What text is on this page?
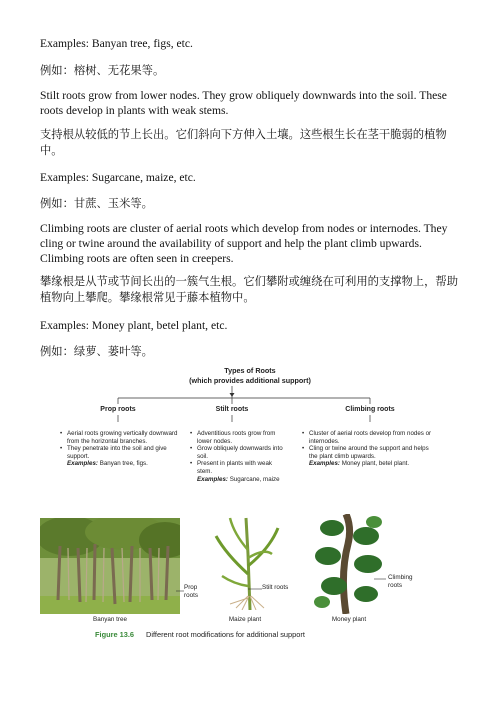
Examples: Banyan tree, figs, etc.

例如：榕树、无花果等。

Stilt roots grow from lower nodes. They grow obliquely downwards into the soil. These roots develop in plants with weak stems.

支持根从较低的节上长出。它们斜向下方伸入土壤。这些根生长在茎干脆弱的植物中。

Examples: Sugarcane, maize, etc.

例如：甘蔗、玉米等。

Climbing roots are cluster of aerial roots which develop from nodes or internodes. They cling or twine around the availability of support and help the plant climb upwards. Climbing roots are often seen in creepers.

攀缘根是从节或节间长出的一簇气生根。它们攀附或缠绕在可利用的支撑物上，帮助植物向上攀爬。攀缘根常见于藤本植物中。

Examples: Money plant, betel plant, etc.

例如：绿萝、蒌叶等。

Types of Roots
(which provides additional support)
Prop roots
• Aerial roots growing vertically downward from the horizontal branches.
• They penetrate into the soil and give support.
Examples: Banyan tree, figs.
Stilt roots
• Adventitious roots grow from lower nodes.
• Grow obliquely downwards into soil.
• Present in plants with weak stem.
Examples: Sugarcane, maize
Climbing roots
• Cluster of aerial roots develop from nodes or internodes.
• Cling or twine around the support and helps the plant climb upwards.
Examples: Money plant, betel plant.
Prop
roots
Banyan tree
Stilt roots
Maize plant
Climbing
roots
Money plant
Figure 13.6 Different root modifications for additional support
